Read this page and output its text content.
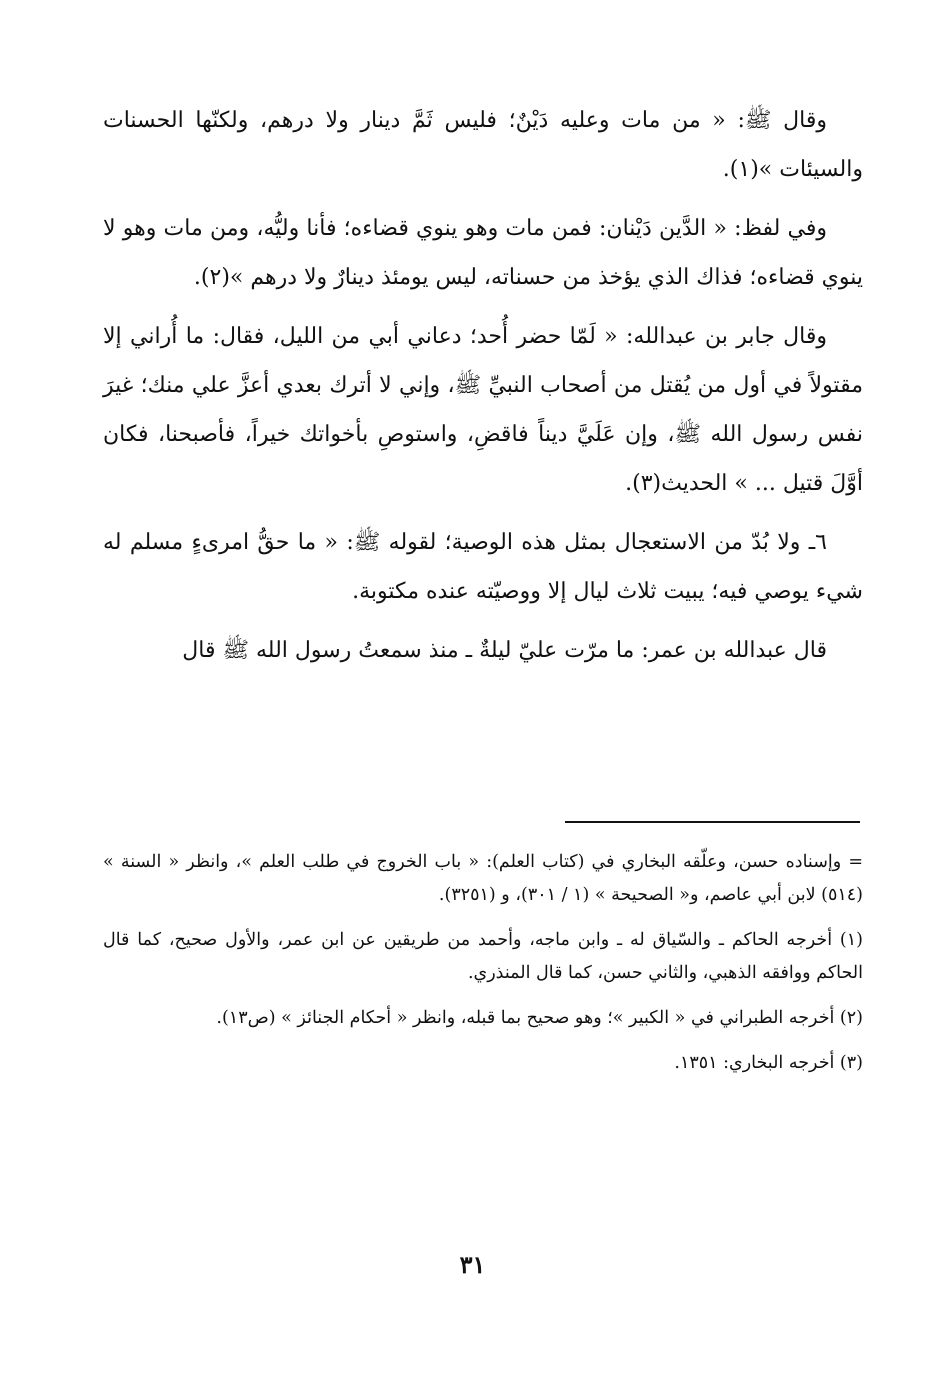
وقال ﷺ: « من مات وعليه دَيْنٌ؛ فليس ثَمَّ دينار ولا درهم، ولكنّها الحسنات والسيئات »(١).

وفي لفظ: « الدَّين دَيْنان: فمن مات وهو ينوي قضاءه؛ فأنا وليُّه، ومن مات وهو لا ينوي قضاءه؛ فذاك الذي يؤخذ من حسناته، ليس يومئذ دينارٌ ولا درهم »(٢).

وقال جابر بن عبدالله: « لَمّا حضر أُحد؛ دعاني أبي من الليل، فقال: ما أُراني إلا مقتولاً في أول من يُقتل من أصحاب النبيِّ ﷺ، وإني لا أترك بعدي أعزَّ علي منك؛ غيرَ نفس رسول الله ﷺ، وإن عَلَيَّ ديناً فاقضِ، واستوصِ بأخواتك خيراً، فأصبحنا، فكان أوَّلَ قتيل ... » الحديث(٣).

٦ـ ولا بُدّ من الاستعجال بمثل هذه الوصية؛ لقوله ﷺ: « ما حقُّ امرىءٍ مسلم له شيء يوصي فيه؛ يبيت ثلاث ليال إلا ووصيّته عنده مكتوبة.

قال عبدالله بن عمر: ما مرّت عليّ ليلةٌ ـ منذ سمعتُ رسول الله ﷺ قال

= وإسناده حسن، وعلّقه البخاري في (كتاب العلم): « باب الخروج في طلب العلم »، وانظر « السنة » (٥١٤) لابن أبي عاصم، و« الصحيحة » (١ / ٣٠١)، و (٣٢٥١).

(١) أخرجه الحاكم ـ والسّياق له ـ وابن ماجه، وأحمد من طريقين عن ابن عمر، والأول صحيح، كما قال الحاكم ووافقه الذهبي، والثاني حسن، كما قال المنذري.

(٢) أخرجه الطبراني في « الكبير »؛ وهو صحيح بما قبله، وانظر « أحكام الجنائز » (ص١٣).

(٣) أخرجه البخاري: ١٣٥١.

٣١
